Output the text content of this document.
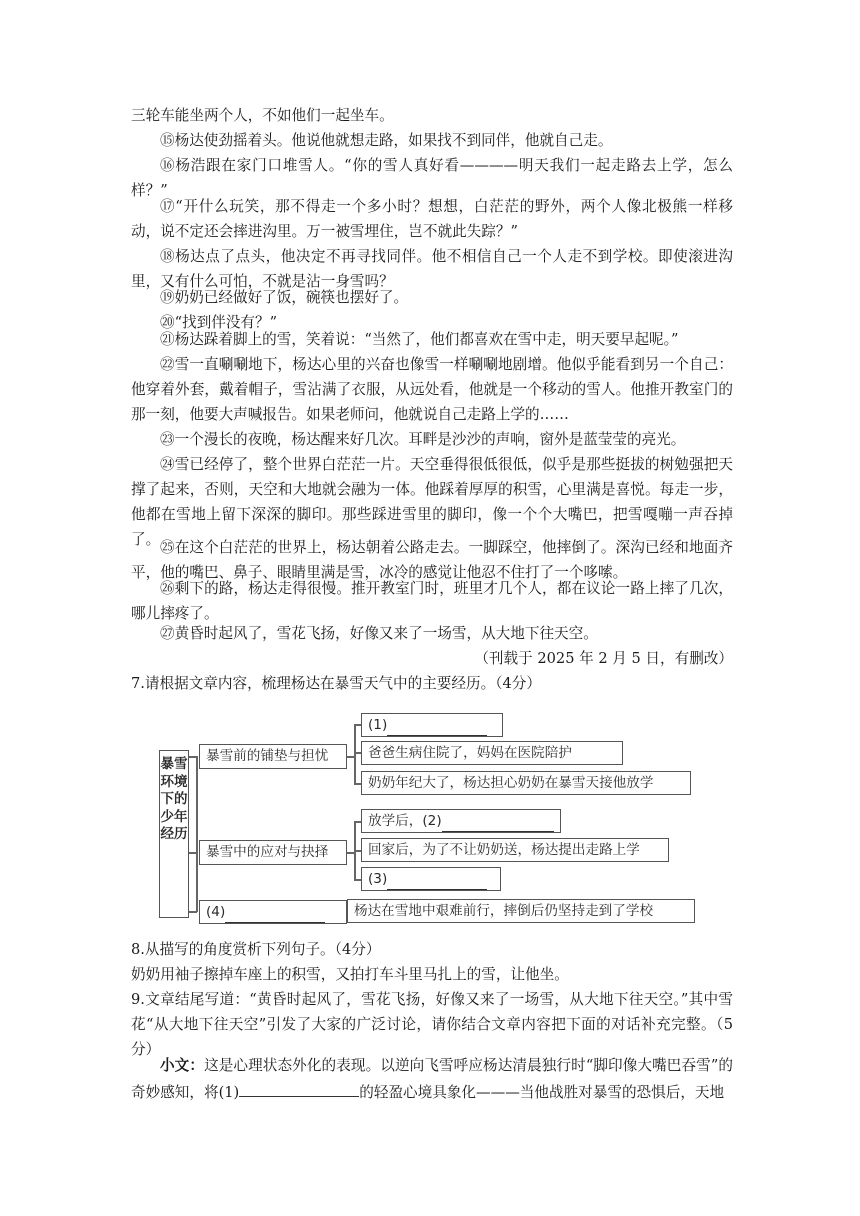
三轮车能坐两个人，不如他们一起坐车。

⑮杨达使劲摇着头。他说他就想走路，如果找不到同伴，他就自己走。

⑯杨浩跟在家门口堆雪人。“你的雪人真好看————明天我们一起走路去上学，怎么样？”

⑰“开什么玩笑，那不得走一个多小时？想想，白茫茫的野外，两个人像北极熊一样移动，说不定还会摔进沟里。万一被雪埋住，岂不就此失踪？”

⑱杨达点了点头，他决定不再寻找同伴。他不相信自己一个人走不到学校。即使滚进沟里，又有什么可怕，不就是沾一身雪吗？

⑲奶奶已经做好了饭，碗筷也摆好了。

⑳“找到伴没有？”

㉑杨达跺着脚上的雪，笑着说：“当然了，他们都喜欢在雪中走，明天要早起呢。”

㉒雪一直唰唰地下，杨达心里的兴奋也像雪一样唰唰地剧增。他似乎能看到另一个自己：他穿着外套，戴着帽子，雪沾满了衣服，从远处看，他就是一个移动的雪人。他推开教室门的那一刻，他要大声喊报告。如果老师问，他就说自己走路上学的……

㉓一个漫长的夜晚，杨达醒来好几次。耳畔是沙沙的声响，窗外是蓝莹莹的亮光。

㉔雪已经停了，整个世界白茫茫一片。天空垂得很低很低，似乎是那些挺拔的树勉强把天撑了起来，否则，天空和大地就会融为一体。他踩着厚厚的积雪，心里满是喜悦。每走一步，他都在雪地上留下深深的脚印。那些踩进雪里的脚印，像一个个大嘴巴，把雪嘎嘣一声吞掉了。 ㉕在这个白茫茫的世界上，杨达朝着公路走去。一脚踩空，他摔倒了。深沟已经和地面齐平，他的嘴巴、鼻子、眼睛里满是雪，冰冷的感觉让他忍不住打了一个哆嗦。

㉖剩下的路，杨达走得很慢。推开教室门时，班里才几个人，都在议论一路上摔了几次，哪儿摔疼了。

㉗黄昏时起风了，雪花飞扬，好像又来了一场雪，从大地下往天空。

（刊载于 2025 年 2 月 5 日，有删改）

7.请根据文章内容，梳理杨达在暴雪天气中的主要经历。（4分）

暴雪环境下的少年经历
暴雪前的铺垫与担忧
(1)
爸爸生病住院了，妈妈在医院陪护
奶奶年纪大了，杨达担心奶奶在暴雪天接他放学
暴雪中的应对与抉择
放学后，(2)
回家后，为了不让奶奶送，杨达提出走路上学
(3)
(4)	杨达在雪地中艰难前行，摔倒后仍坚持走到了学校

8.从描写的角度赏析下列句子。（4分）

奶奶用袖子擦掉车座上的积雪，又拍打车斗里马扎上的雪，让他坐。

9.文章结尾写道：“黄昏时起风了，雪花飞扬，好像又来了一场雪，从大地下往天空。”其中雪花“从大地下往天空”引发了大家的广泛讨论，请你结合文章内容把下面的对话补充完整。（5分）

小文：这是心理状态外化的表现。以逆向飞雪呼应杨达清晨独行时“脚印像大嘴巴吞雪”的奇妙感知，将(1)	的轻盈心境具象化———当他战胜对暴雪的恐惧后，天地
